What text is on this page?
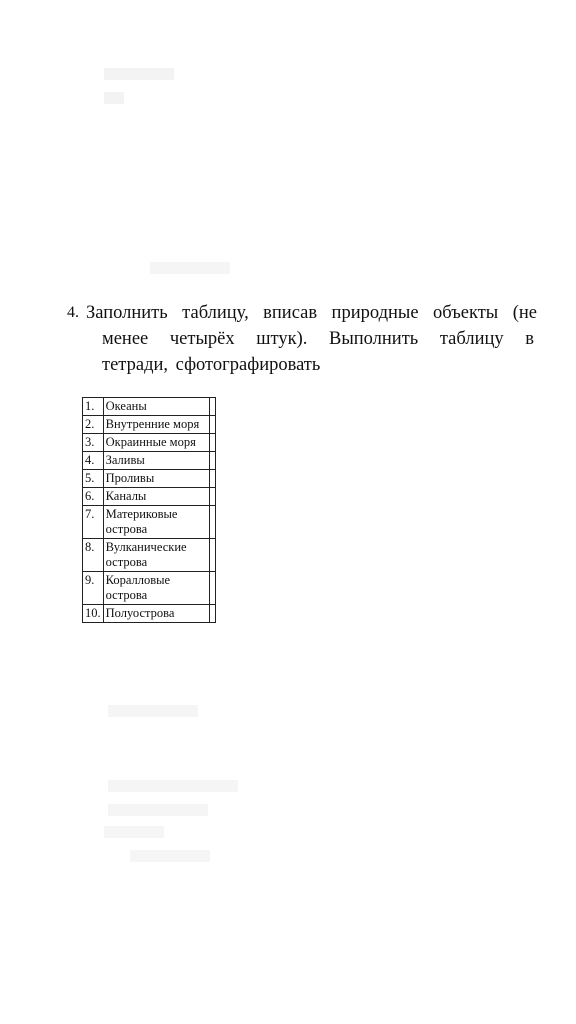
4. Заполнить таблицу, вписав природные объекты (не
менее четырёх штук). Выполнить таблицу в
тетради, сфотографировать
1.	Океаны	
2.	Внутренние моря	
3.	Окраинные моря	
4.	Заливы	
5.	Проливы	
6.	Каналы	
7.	Материковые
острова	
8.	Вулканические
острова	
9.	Коралловые
острова	
10.	Полуострова	
